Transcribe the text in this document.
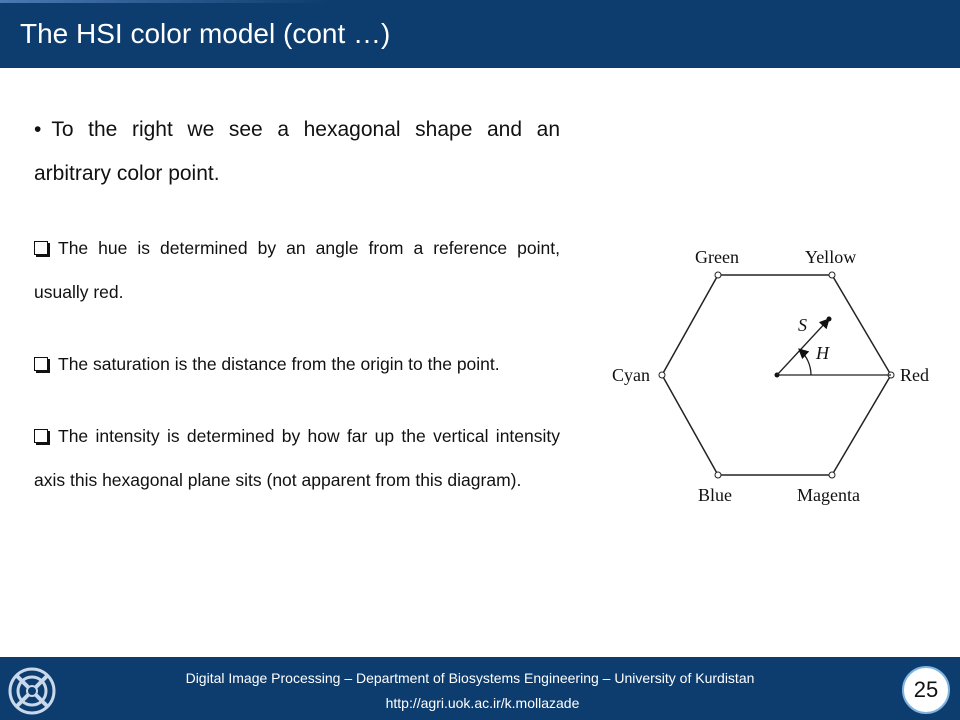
The HSI color model (cont …)

• To the right we see a hexagonal shape and an arbitrary color point.

The hue is determined by an angle from a reference point, usually red.

The saturation is the distance from the origin to the point.

The intensity is determined by how far up the vertical intensity axis this hexagonal plane sits (not apparent from this diagram).

Green	Yellow
Red
Magenta
Blue
Cyan
S
H
Digital Image Processing – Department of Biosystems Engineering – University of Kurdistan
http://agri.uok.ac.ir/k.mollazade
25
